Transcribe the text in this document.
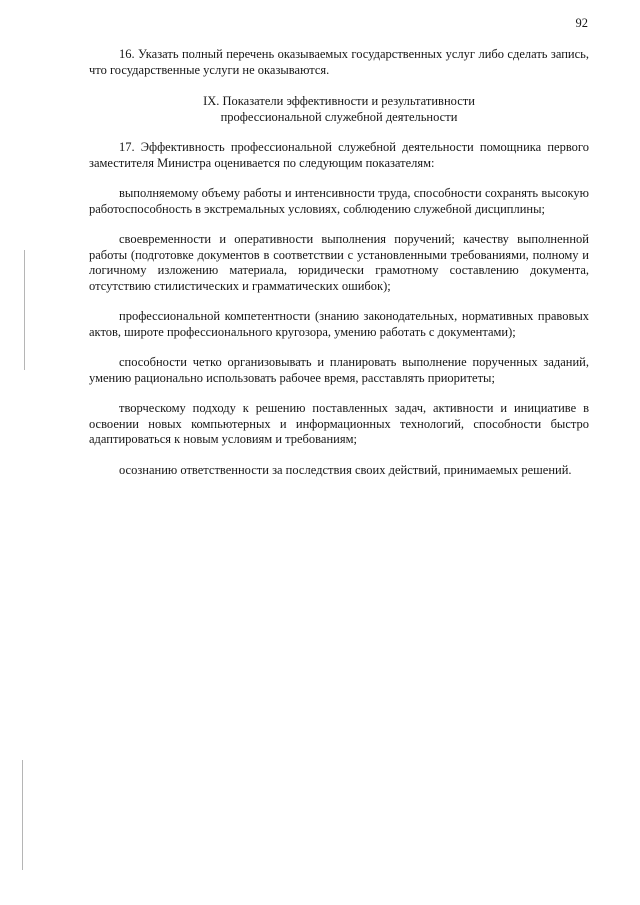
92

16. Указать полный перечень оказываемых государственных услуг либо сделать запись, что государственные услуги не оказываются.

IX. Показатели эффективности и результативности
профессиональной служебной деятельности

17. Эффективность профессиональной служебной деятельности помощника первого заместителя Министра оценивается по следующим показателям:

выполняемому объему работы и интенсивности труда, способности сохранять высокую работоспособность в экстремальных условиях, соблюдению служебной дисциплины;

своевременности и оперативности выполнения поручений; качеству выполненной работы (подготовке документов в соответствии с установленными требованиями, полному и логичному изложению материала, юридически грамотному составлению документа, отсутствию стилистических и грамматических ошибок);

профессиональной компетентности (знанию законодательных, нормативных правовых актов, широте профессионального кругозора, умению работать с документами);

способности четко организовывать и планировать выполнение порученных заданий, умению рационально использовать рабочее время, расставлять приоритеты;

творческому подходу к решению поставленных задач, активности и инициативе в освоении новых компьютерных и информационных технологий, способности быстро адаптироваться к новым условиям и требованиям;

осознанию ответственности за последствия своих действий, принимаемых решений.
